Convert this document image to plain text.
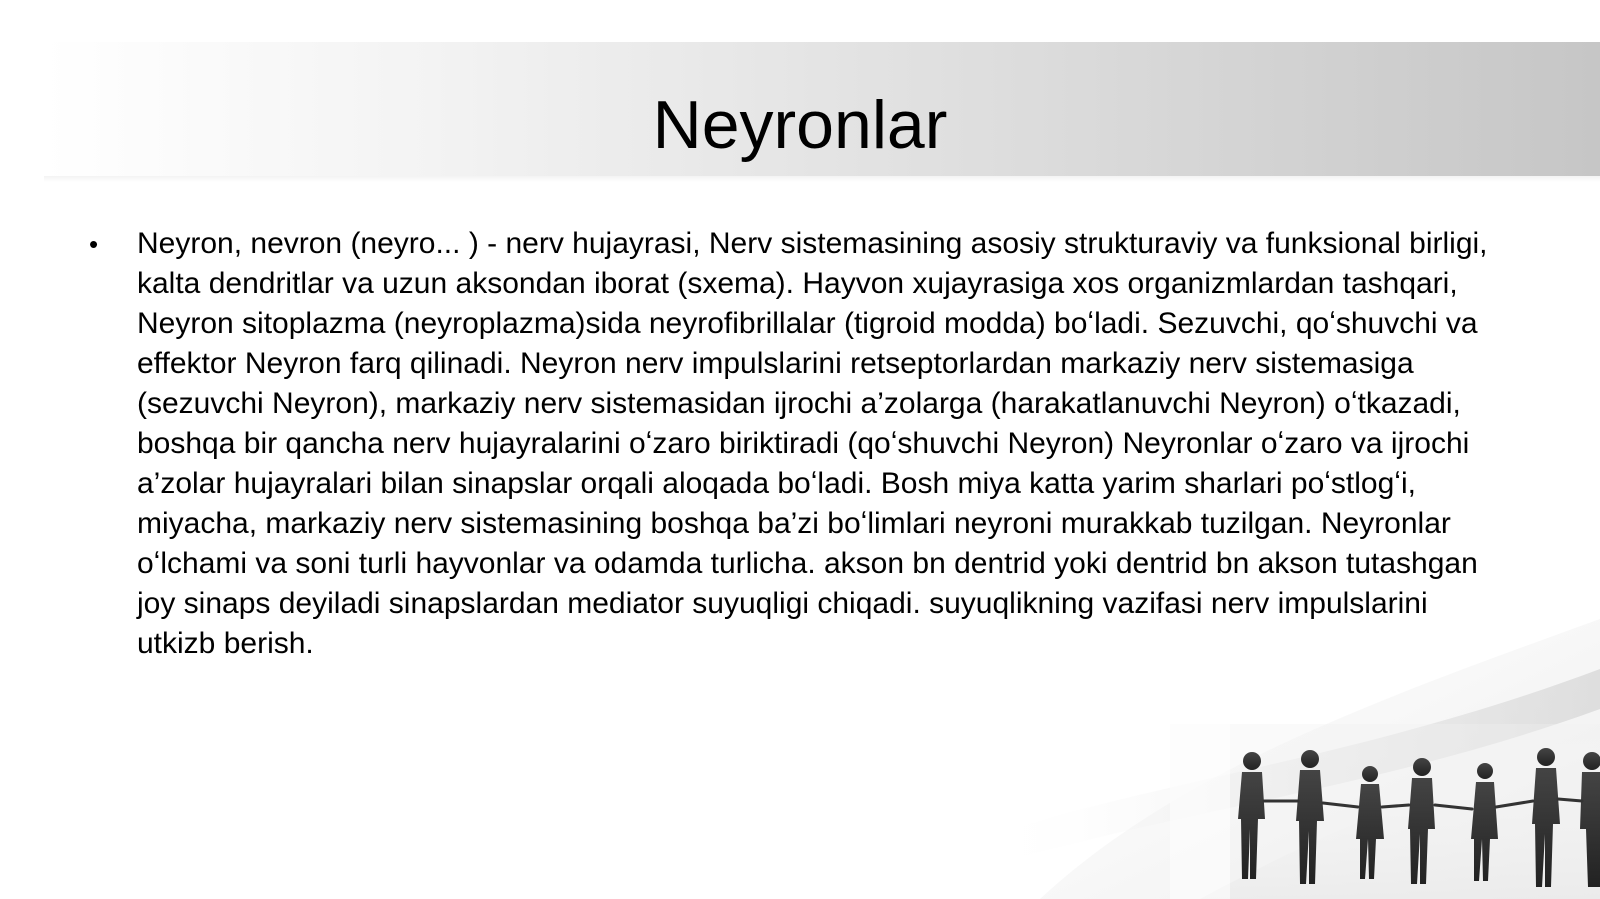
Neyronlar
• Neyron, nevron (neyro... ) - nerv hujayrasi, Nerv sistemasining asosiy strukturaviy va funksional birligi, kalta dendritlar va uzun aksondan iborat (sxema). Hayvon xujayrasiga xos organizmlardan tashqari, Neyron sitoplazma (neyroplazma)sida neyrofibrillalar (tigroid modda) boʻladi. Sezuvchi, qoʻshuvchi va effektor Neyron farq qilinadi. Neyron nerv impulslarini retseptorlardan markaziy nerv sistemasiga (sezuvchi Neyron), markaziy nerv sistemasidan ijrochi a’zolarga (harakatlanuvchi Neyron) oʻtkazadi, boshqa bir qancha nerv hujayralarini oʻzaro biriktiradi (qoʻshuvchi Neyron) Neyronlar oʻzaro va ijrochi a’zolar hujayralari bilan sinapslar orqali aloqada boʻladi. Bosh miya katta yarim sharlari poʻstlogʻi, miyacha, markaziy nerv sistemasining boshqa ba’zi boʻlimlari neyroni murakkab tuzilgan. Neyronlar oʻlchami va soni turli hayvonlar va odamda turlicha. akson bn dentrid yoki dentrid bn akson tutashgan joy sinaps deyiladi sinapslardan mediator suyuqligi chiqadi. suyuqlikning vazifasi nerv impulslarini utkizb berish.
